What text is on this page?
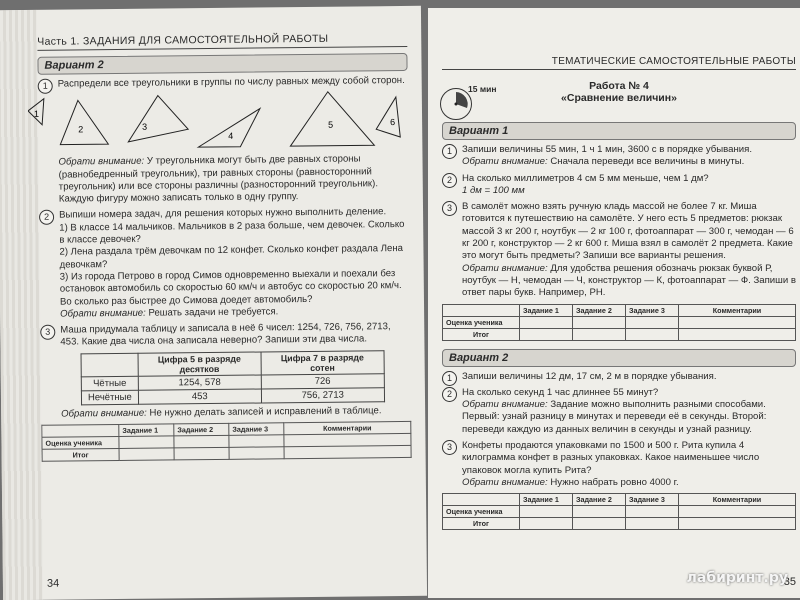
Часть 1. ЗАДАНИЯ ДЛЯ САМОСТОЯТЕЛЬНОЙ РАБОТЫ
Вариант 2
1	Распредели все треугольники в группы по числу равных между собой сторон.
1
2	3
4
5	6
Обрати внимание: У треугольника могут быть две равных стороны (равнобедренный треугольник), три равных стороны (равносторонний треугольник) или все стороны различны (разносторонний треугольник). Каждую фигуру можно записать только в одну группу.
2	Выпиши номера задач, для решения которых нужно выполнить деление.
1) В классе 14 мальчиков. Мальчиков в 2 раза больше, чем девочек. Сколько в классе девочек?
2) Лена раздала трём девочкам по 12 конфет. Сколько конфет раздала Лена девочкам?
3) Из города Петрово в город Симов одновременно выехали и поехали без остановок автомобиль со скоростью 60 км/ч и автобус со скоростью 20 км/ч. Во сколько раз быстрее до Симова доедет автомобиль?
Обрати внимание: Решать задачи не требуется.
3	Маша придумала таблицу и записала в неё 6 чисел: 1254, 726, 756, 2713, 453. Какие два числа она записала неверно? Запиши эти два числа.
	Цифра 5 в разряде десятков	Цифра 7 в разряде сотен
Чётные	1254, 578	726
Нечётные	453	756, 2713
Обрати внимание: Не нужно делать записей и исправлений в таблице.
	Задание 1	Задание 2	Задание 3	Комментарии
Оценка ученика				
Итог				
34
ТЕМАТИЧЕСКИЕ САМОСТОЯТЕЛЬНЫЕ РАБОТЫ
15 мин	Работа № 4
«Сравнение величин»
Вариант 1
1	Запиши величины 55 мин, 1 ч 1 мин, 3600 с в порядке убывания.
Обрати внимание: Сначала переведи все величины в минуты.
2	На сколько миллиметров 4 см 5 мм меньше, чем 1 дм?
1 дм = 100 мм
3	В самолёт можно взять ручную кладь массой не более 7 кг. Миша готовится к путешествию на самолёте. У него есть 5 предметов: рюкзак массой 3 кг 200 г, ноутбук — 2 кг 100 г, фотоаппарат — 300 г, чемодан — 6 кг 200 г, конструктор — 2 кг 600 г. Миша взял в самолёт 2 предмета. Какие это могут быть предметы? Запиши все варианты решения.
Обрати внимание: Для удобства решения обозначь рюкзак буквой Р, ноутбук — Н, чемодан — Ч, конструктор — К, фотоаппарат — Ф. Запиши в ответ пары букв. Например, РН.
	Задание 1	Задание 2	Задание 3	Комментарии
Оценка ученика				
Итог				
Вариант 2
1	Запиши величины 12 дм, 17 см, 2 м в порядке убывания.
2	На сколько секунд 1 час длиннее 55 минут?
Обрати внимание: Задание можно выполнить разными способами. Первый: узнай разницу в минутах и переведи её в секунды. Второй: переведи каждую из данных величин в секунды и узнай разницу.
3	Конфеты продаются упаковками по 1500 и 500 г. Рита купила 4 килограмма конфет в разных упаковках. Какое наименьшее число упаковок могла купить Рита?
Обрати внимание: Нужно набрать ровно 4000 г.
	Задание 1	Задание 2	Задание 3	Комментарии
Оценка ученика				
Итог				
35
лабиринт.ру
